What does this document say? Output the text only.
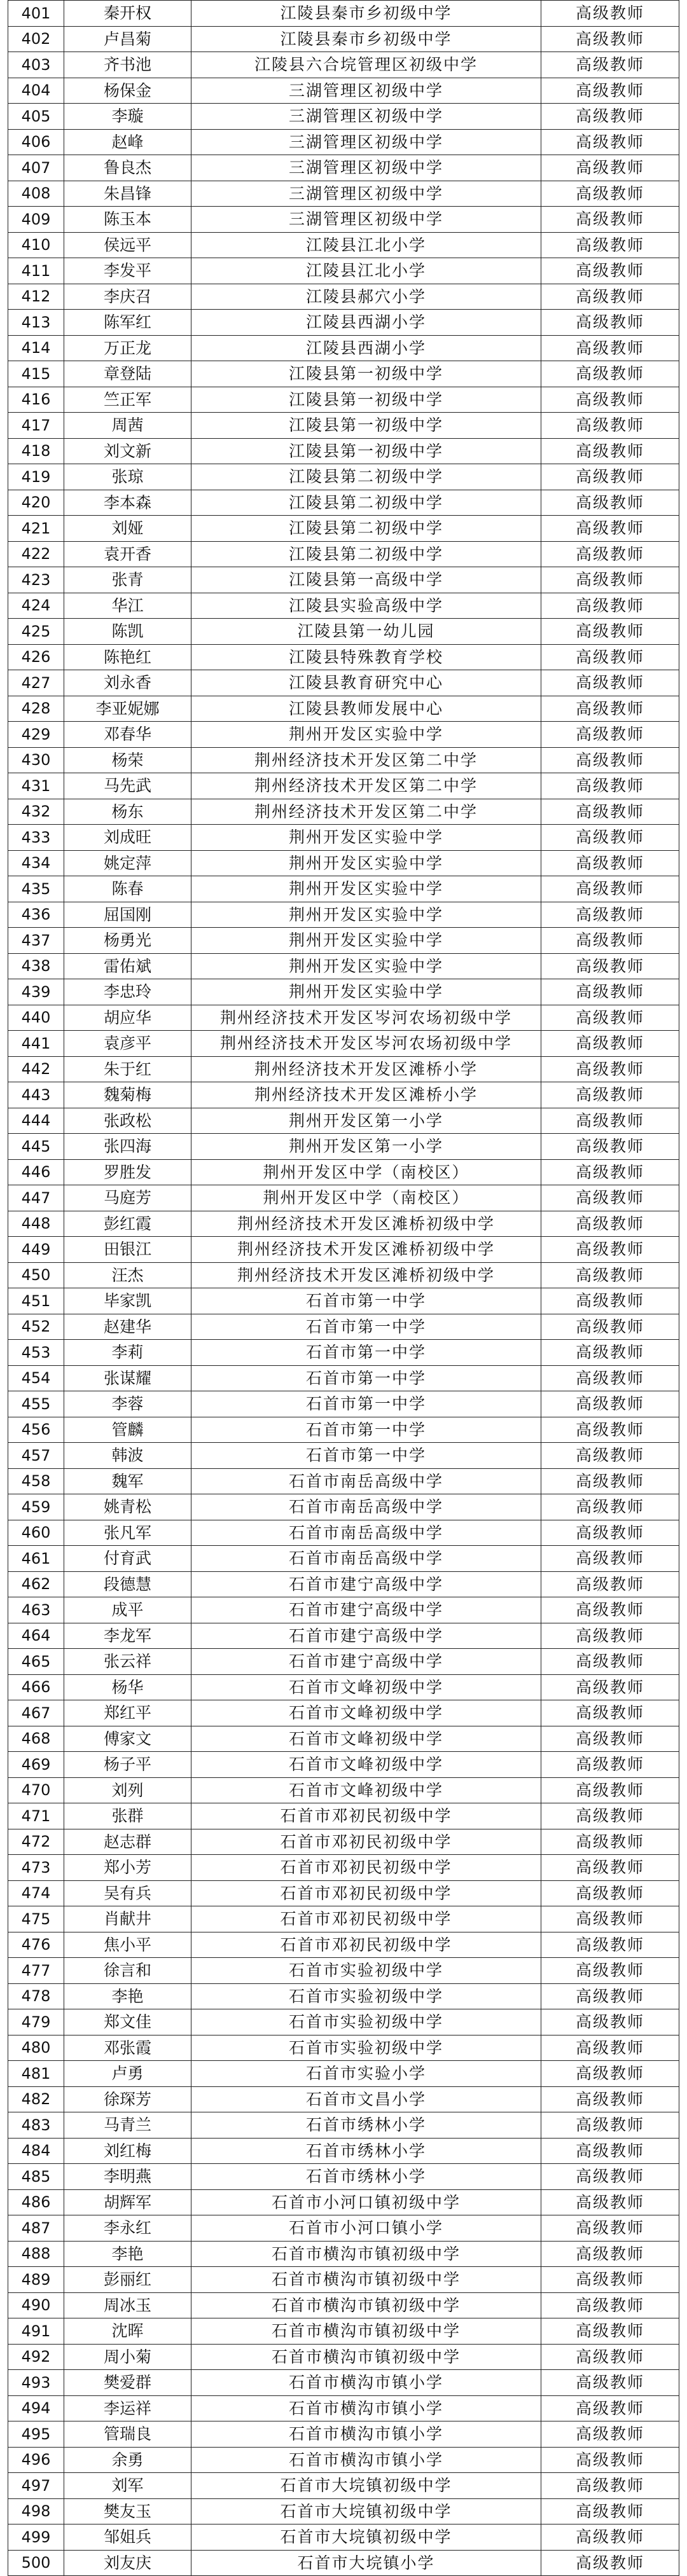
401	秦开权	江陵县秦市乡初级中学	高级教师
402	卢昌菊	江陵县秦市乡初级中学	高级教师
403	齐书池	江陵县六合垸管理区初级中学	高级教师
404	杨保金	三湖管理区初级中学	高级教师
405	李璇	三湖管理区初级中学	高级教师
406	赵峰	三湖管理区初级中学	高级教师
407	鲁良杰	三湖管理区初级中学	高级教师
408	朱昌锋	三湖管理区初级中学	高级教师
409	陈玉本	三湖管理区初级中学	高级教师
410	侯远平	江陵县江北小学	高级教师
411	李发平	江陵县江北小学	高级教师
412	李庆召	江陵县郝穴小学	高级教师
413	陈军红	江陵县西湖小学	高级教师
414	万正龙	江陵县西湖小学	高级教师
415	章登陆	江陵县第一初级中学	高级教师
416	竺正军	江陵县第一初级中学	高级教师
417	周茜	江陵县第一初级中学	高级教师
418	刘文新	江陵县第一初级中学	高级教师
419	张琼	江陵县第二初级中学	高级教师
420	李本森	江陵县第二初级中学	高级教师
421	刘娅	江陵县第二初级中学	高级教师
422	袁开香	江陵县第二初级中学	高级教师
423	张青	江陵县第一高级中学	高级教师
424	华江	江陵县实验高级中学	高级教师
425	陈凯	江陵县第一幼儿园	高级教师
426	陈艳红	江陵县特殊教育学校	高级教师
427	刘永香	江陵县教育研究中心	高级教师
428	李亚妮娜	江陵县教师发展中心	高级教师
429	邓春华	荆州开发区实验中学	高级教师
430	杨荣	荆州经济技术开发区第二中学	高级教师
431	马先武	荆州经济技术开发区第二中学	高级教师
432	杨东	荆州经济技术开发区第二中学	高级教师
433	刘成旺	荆州开发区实验中学	高级教师
434	姚定萍	荆州开发区实验中学	高级教师
435	陈春	荆州开发区实验中学	高级教师
436	屈国刚	荆州开发区实验中学	高级教师
437	杨勇光	荆州开发区实验中学	高级教师
438	雷佑斌	荆州开发区实验中学	高级教师
439	李忠玲	荆州开发区实验中学	高级教师
440	胡应华	荆州经济技术开发区岑河农场初级中学	高级教师
441	袁彦平	荆州经济技术开发区岑河农场初级中学	高级教师
442	朱于红	荆州经济技术开发区滩桥小学	高级教师
443	魏菊梅	荆州经济技术开发区滩桥小学	高级教师
444	张政松	荆州开发区第一小学	高级教师
445	张四海	荆州开发区第一小学	高级教师
446	罗胜发	荆州开发区中学（南校区）	高级教师
447	马庭芳	荆州开发区中学（南校区）	高级教师
448	彭红霞	荆州经济技术开发区滩桥初级中学	高级教师
449	田银江	荆州经济技术开发区滩桥初级中学	高级教师
450	汪杰	荆州经济技术开发区滩桥初级中学	高级教师
451	毕家凯	石首市第一中学	高级教师
452	赵建华	石首市第一中学	高级教师
453	李莉	石首市第一中学	高级教师
454	张谋耀	石首市第一中学	高级教师
455	李蓉	石首市第一中学	高级教师
456	管麟	石首市第一中学	高级教师
457	韩波	石首市第一中学	高级教师
458	魏军	石首市南岳高级中学	高级教师
459	姚青松	石首市南岳高级中学	高级教师
460	张凡军	石首市南岳高级中学	高级教师
461	付育武	石首市南岳高级中学	高级教师
462	段德慧	石首市建宁高级中学	高级教师
463	成平	石首市建宁高级中学	高级教师
464	李龙军	石首市建宁高级中学	高级教师
465	张云祥	石首市建宁高级中学	高级教师
466	杨华	石首市文峰初级中学	高级教师
467	郑红平	石首市文峰初级中学	高级教师
468	傅家文	石首市文峰初级中学	高级教师
469	杨子平	石首市文峰初级中学	高级教师
470	刘列	石首市文峰初级中学	高级教师
471	张群	石首市邓初民初级中学	高级教师
472	赵志群	石首市邓初民初级中学	高级教师
473	郑小芳	石首市邓初民初级中学	高级教师
474	吴有兵	石首市邓初民初级中学	高级教师
475	肖献井	石首市邓初民初级中学	高级教师
476	焦小平	石首市邓初民初级中学	高级教师
477	徐言和	石首市实验初级中学	高级教师
478	李艳	石首市实验初级中学	高级教师
479	郑文佳	石首市实验初级中学	高级教师
480	邓张霞	石首市实验初级中学	高级教师
481	卢勇	石首市实验小学	高级教师
482	徐琛芳	石首市文昌小学	高级教师
483	马青兰	石首市绣林小学	高级教师
484	刘红梅	石首市绣林小学	高级教师
485	李明燕	石首市绣林小学	高级教师
486	胡辉军	石首市小河口镇初级中学	高级教师
487	李永红	石首市小河口镇小学	高级教师
488	李艳	石首市横沟市镇初级中学	高级教师
489	彭丽红	石首市横沟市镇初级中学	高级教师
490	周冰玉	石首市横沟市镇初级中学	高级教师
491	沈晖	石首市横沟市镇初级中学	高级教师
492	周小菊	石首市横沟市镇初级中学	高级教师
493	樊爱群	石首市横沟市镇小学	高级教师
494	李运祥	石首市横沟市镇小学	高级教师
495	管瑞良	石首市横沟市镇小学	高级教师
496	余勇	石首市横沟市镇小学	高级教师
497	刘军	石首市大垸镇初级中学	高级教师
498	樊友玉	石首市大垸镇初级中学	高级教师
499	邹姐兵	石首市大垸镇初级中学	高级教师
500	刘友庆	石首市大垸镇小学	高级教师
